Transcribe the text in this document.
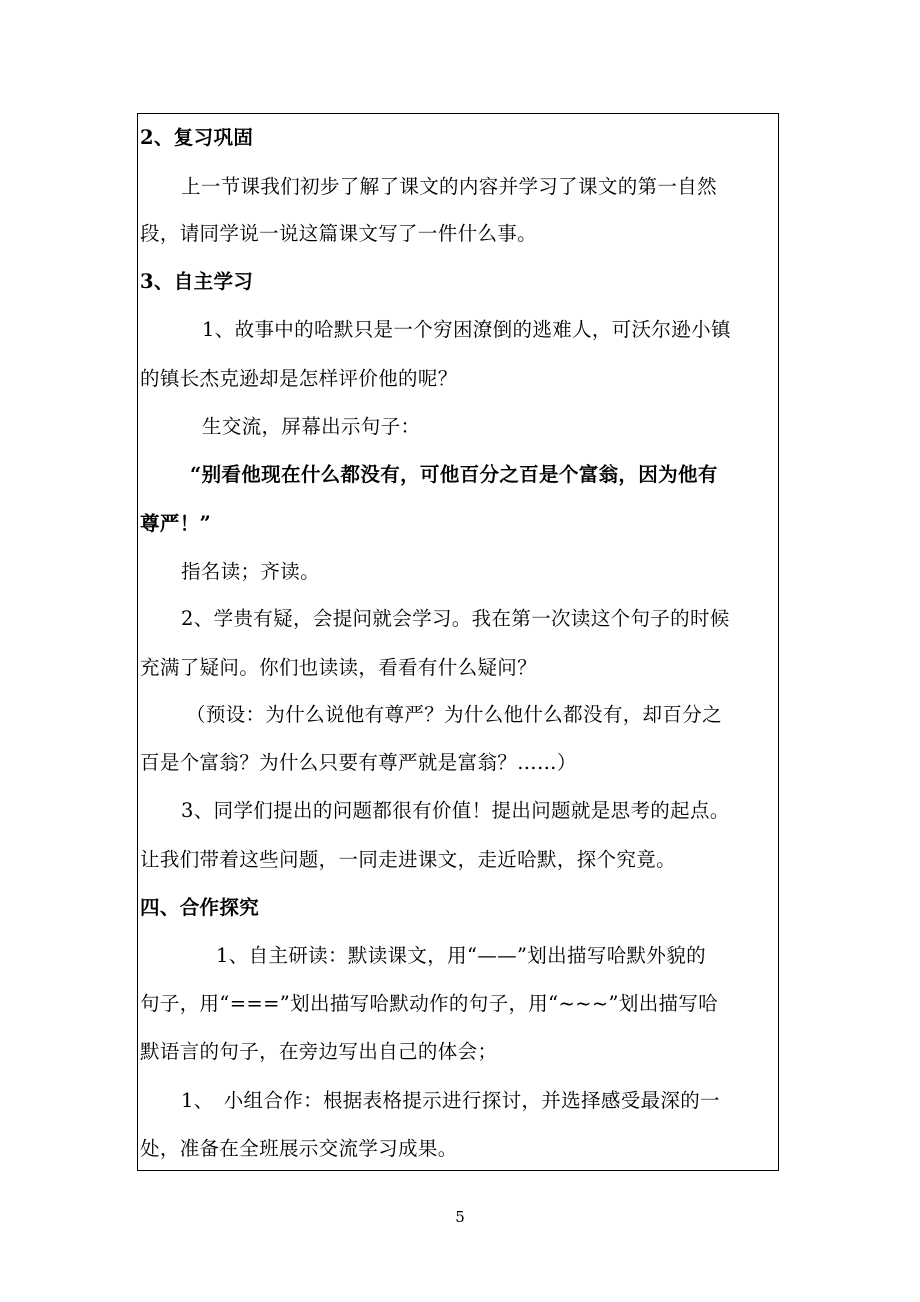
2、复习巩固
上一节课我们初步了解了课文的内容并学习了课文的第一自然
段，请同学说一说这篇课文写了一件什么事。
3、自主学习
1、故事中的哈默只是一个穷困潦倒的逃难人，可沃尔逊小镇
的镇长杰克逊却是怎样评价他的呢？
生交流，屏幕出示句子：
“别看他现在什么都没有，可他百分之百是个富翁，因为他有
尊严！”
指名读；齐读。
2、学贵有疑，会提问就会学习。我在第一次读这个句子的时候
充满了疑问。你们也读读，看看有什么疑问？
（预设：为什么说他有尊严？为什么他什么都没有，却百分之
百是个富翁？为什么只要有尊严就是富翁？……）
3、同学们提出的问题都很有价值！提出问题就是思考的起点。
让我们带着这些问题，一同走进课文，走近哈默，探个究竟。
四、合作探究
1、自主研读：默读课文，用“——”划出描写哈默外貌的
句子，用“===”划出描写哈默动作的句子，用“~~~”划出描写哈
默语言的句子，在旁边写出自己的体会；
1、　小组合作：根据表格提示进行探讨，并选择感受最深的一
处，准备在全班展示交流学习成果。
5
